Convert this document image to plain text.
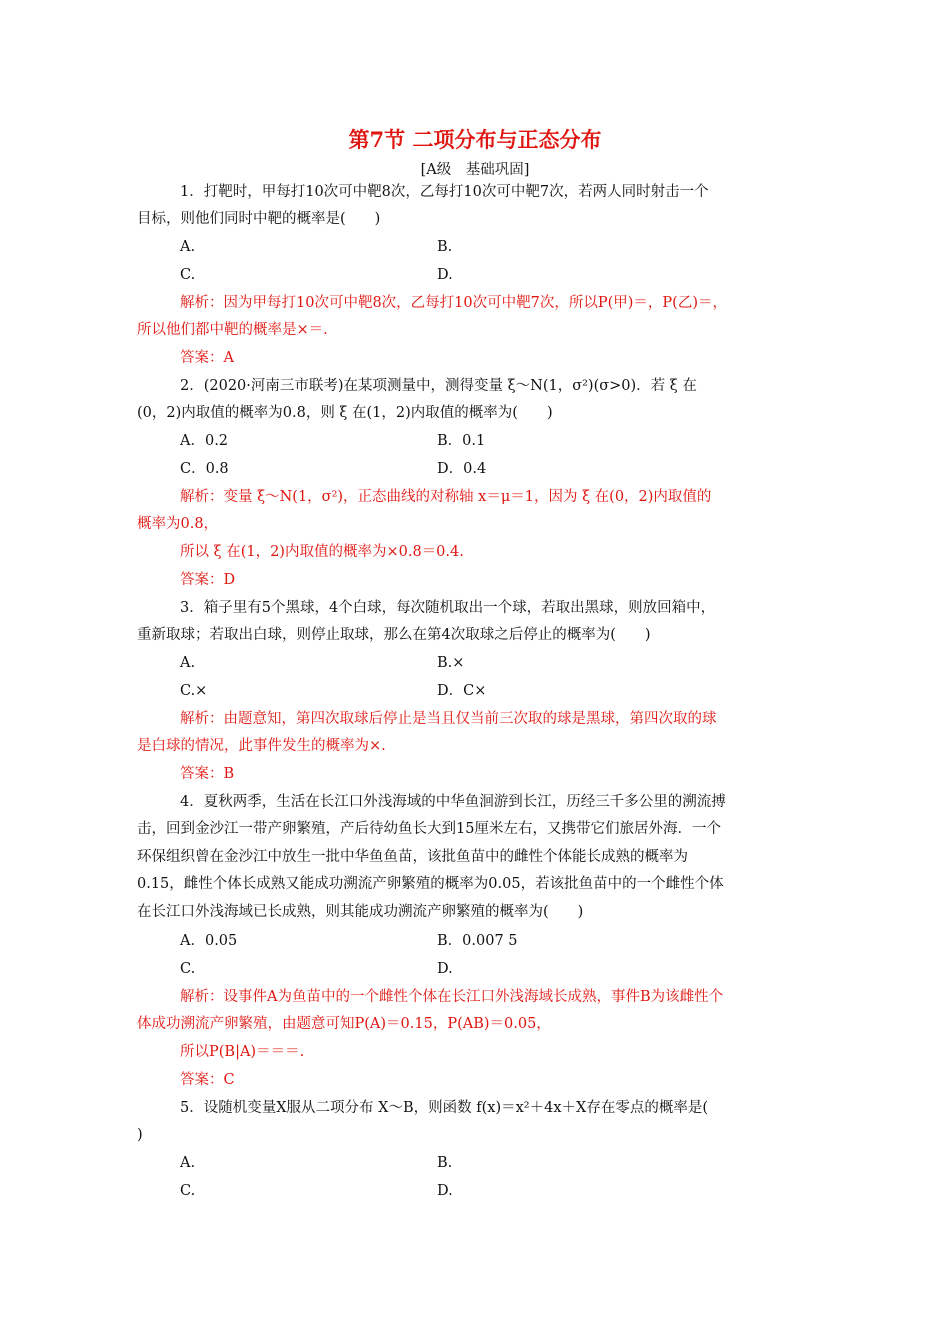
第7节 二项分布与正态分布
[A级　基础巩固]
1．打靶时，甲每打10次可中靶8次，乙每打10次可中靶7次，若两人同时射击一个
目标，则他们同时中靶的概率是(　　)
A.	B.
C.	D.
解析：因为甲每打10次可中靶8次，乙每打10次可中靶7次，所以P(甲)＝，P(乙)＝，
所以他们都中靶的概率是×＝.
答案：A
2．(2020·河南三市联考)在某项测量中，测得变量 ξ～N(1，σ²)(σ>0)．若 ξ 在
(0，2)内取值的概率为0.8，则 ξ 在(1，2)内取值的概率为(　　)
A．0.2	B．0.1
C．0.8	D．0.4
解析：变量 ξ～N(1，σ²)，正态曲线的对称轴 x＝μ＝1，因为 ξ 在(0，2)内取值的
概率为0.8，
所以 ξ 在(1，2)内取值的概率为×0.8＝0.4.
答案：D
3．箱子里有5个黑球，4个白球，每次随机取出一个球，若取出黑球，则放回箱中，
重新取球；若取出白球，则停止取球，那么在第4次取球之后停止的概率为(　　)
A.	B.×
C.×	D．C×
解析：由题意知，第四次取球后停止是当且仅当前三次取的球是黑球，第四次取的球
是白球的情况，此事件发生的概率为×.
答案：B
4．夏秋两季，生活在长江口外浅海域的中华鱼洄游到长江，历经三千多公里的溯流搏
击，回到金沙江一带产卵繁殖，产后待幼鱼长大到15厘米左右，又携带它们旅居外海．一个
环保组织曾在金沙江中放生一批中华鱼鱼苗，该批鱼苗中的雌性个体能长成熟的概率为
0.15，雌性个体长成熟又能成功溯流产卵繁殖的概率为0.05，若该批鱼苗中的一个雌性个体
在长江口外浅海域已长成熟，则其能成功溯流产卵繁殖的概率为(　　)
A．0.05	B．0.007 5
C.	D.
解析：设事件A为鱼苗中的一个雌性个体在长江口外浅海域长成熟，事件B为该雌性个
体成功溯流产卵繁殖，由题意可知P(A)＝0.15，P(AB)＝0.05，
所以P(B|A)＝＝＝.
答案：C
5．设随机变量X服从二项分布 X～B，则函数 f(x)＝x²＋4x＋X存在零点的概率是(
)
A.	B.
C.	D.
